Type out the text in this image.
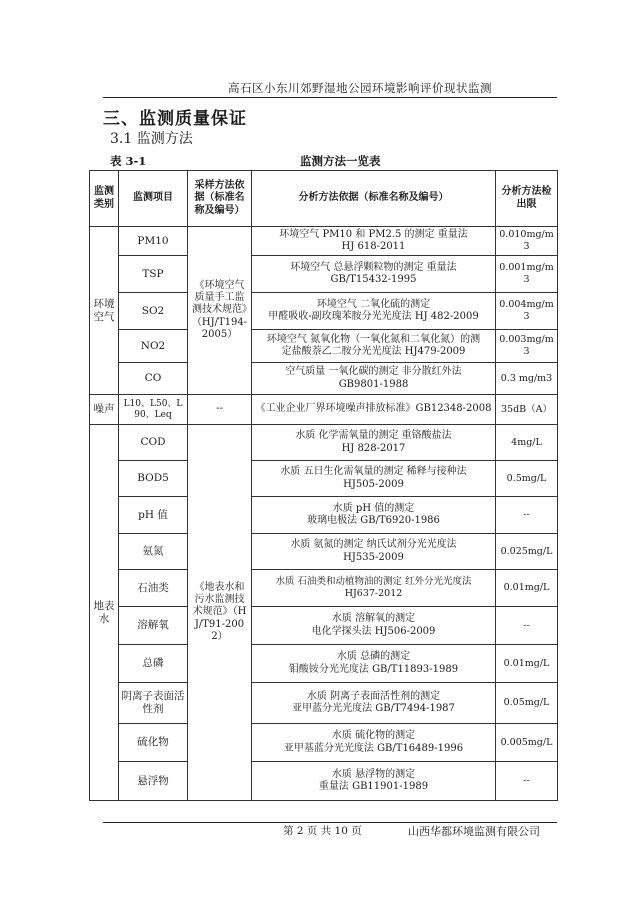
高石区小东川郊野湿地公园环境影响评价现状监测
三、监测质量保证
3.1 监测方法
表 3-1	监测方法一览表
监测类别	监测项目	采样方法依据（标准名称及编号）	分析方法依据（标准名称及编号）	分析方法检出限
环境空气	PM10	《环境空气质量手工监测技术规范》（HJ/T194-2005）	环境空气 PM10 和 PM2.5 的测定 重量法
HJ 618-2011	0.010mg/m3
	TSP		环境空气 总悬浮颗粒物的测定 重量法
GB/T15432-1995	0.001mg/m3
	SO2		环境空气 二氧化硫的测定
甲醛吸收-副玫瑰苯胺分光光度法 HJ 482-2009	0.004mg/m3
	NO2		环境空气 氮氧化物（一氧化氮和二氧化氮）的测
定盐酸萘乙二胺分光光度法 HJ479-2009	0.003mg/m3
	CO		空气质量 一氧化碳的测定 非分散红外法
GB9801-1988	0.3 mg/m3
噪声	L10、L50、L90、Leq	--	《工业企业厂界环境噪声排放标准》GB12348-2008	35dB（A）
地表水	COD	《地表水和污水监测技术规范》（HJ/T91-2002）	水质 化学需氧量的测定 重铬酸盐法
HJ 828-2017	4mg/L
	BOD5		水质 五日生化需氧量的测定 稀释与接种法
HJ505-2009	0.5mg/L
	pH 值		水质 pH 值的测定
玻璃电极法 GB/T6920-1986	--
	氨氮		水质 氨氮的测定 纳氏试剂分光光度法
HJ535-2009	0.025mg/L
	石油类		水质 石油类和动植物油的测定 红外分光光度法
HJ637-2012	0.01mg/L
	溶解氧		水质 溶解氧的测定
电化学探头法 HJ506-2009	--
	总磷		水质 总磷的测定
钼酸铵分光光度法 GB/T11893-1989	0.01mg/L
	阴离子表面活性剂		水质 阴离子表面活性剂的测定
亚甲蓝分光光度法 GB/T7494-1987	0.05mg/L
	硫化物		水质 硫化物的测定
亚甲基蓝分光光度法 GB/T16489-1996	0.005mg/L
	悬浮物		水质 悬浮物的测定
重量法 GB11901-1989	--
第 2 页 共 10 页	山西华都环境监测有限公司
